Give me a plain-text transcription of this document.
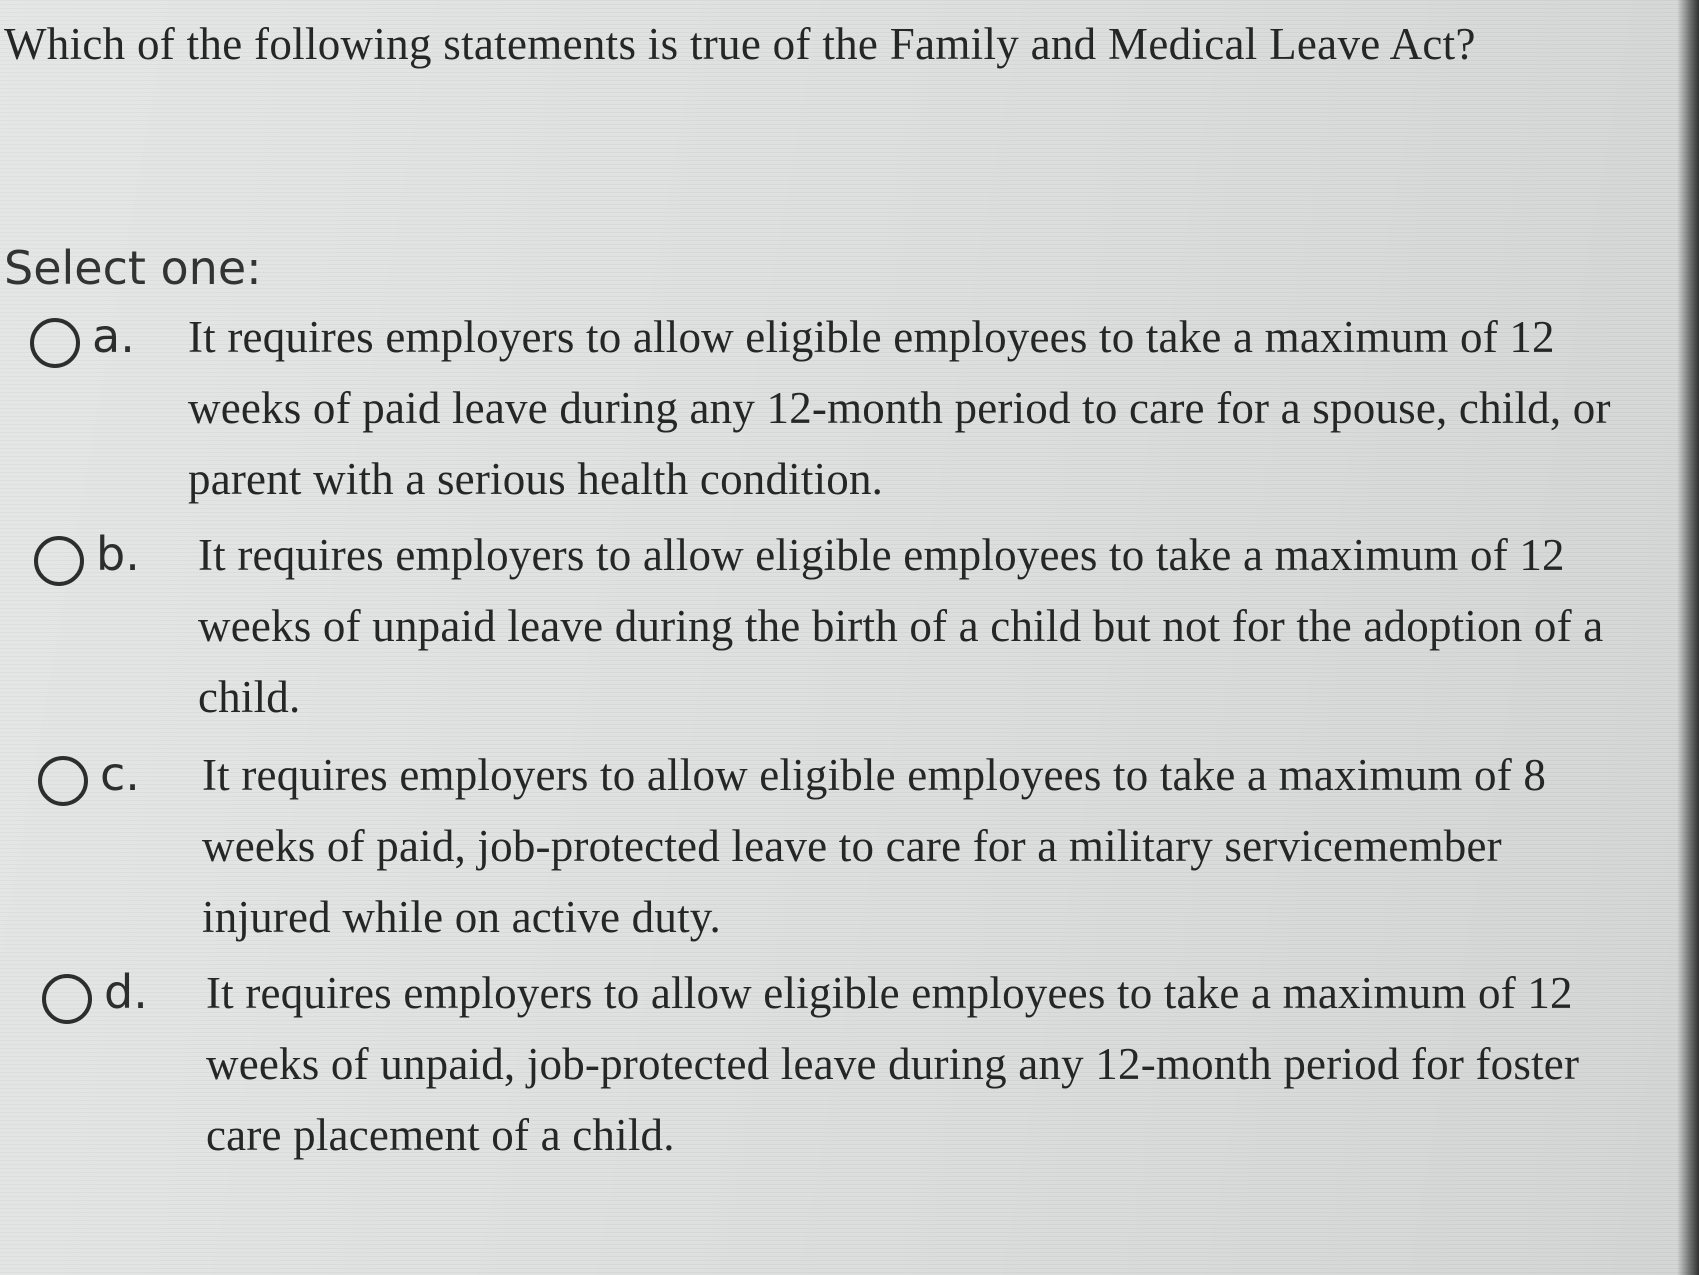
Which of the following statements is true of the Family and Medical Leave Act?
Select one:
a. It requires employers to allow eligible employees to take a maximum of 12 weeks of paid leave during any 12-month period to care for a spouse, child, or parent with a serious health condition.
b. It requires employers to allow eligible employees to take a maximum of 12 weeks of unpaid leave during the birth of a child but not for the adoption of a child.
c. It requires employers to allow eligible employees to take a maximum of 8 weeks of paid, job-protected leave to care for a military servicemember injured while on active duty.
d. It requires employers to allow eligible employees to take a maximum of 12 weeks of unpaid, job-protected leave during any 12-month period for foster care placement of a child.
